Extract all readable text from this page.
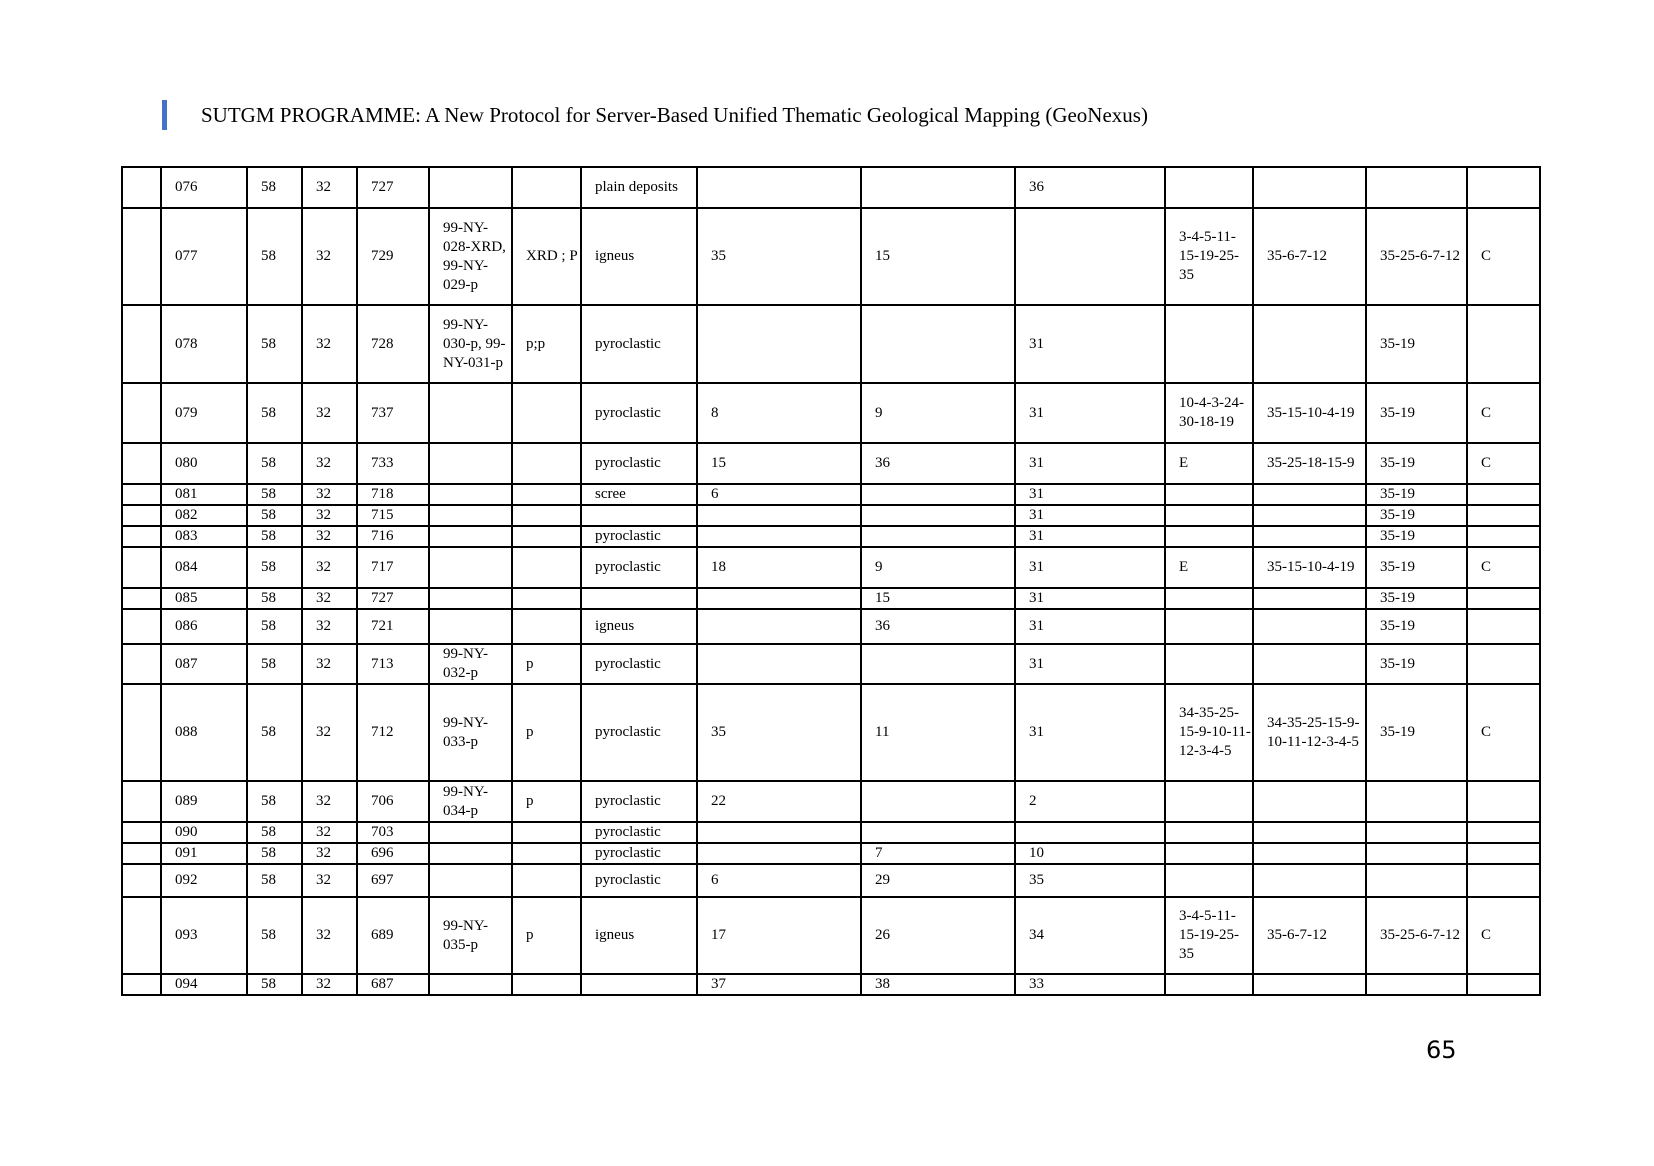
SUTGM PROGRAMME: A New Protocol for Server-Based Unified Thematic Geological Mapping (GeoNexus)
	076	58	32	727			plain deposits			36				
	077	58	32	729	99-NY-028-XRD, 99-NY-029-p	XRD ; P	igneus	35	15		3-4-5-11-15-19-25-35	35-6-7-12	35-25-6-7-12	C
	078	58	32	728	99-NY-030-p, 99-NY-031-p	p;p	pyroclastic			31			35-19	
	079	58	32	737			pyroclastic	8	9	31	10-4-3-24-30-18-19	35-15-10-4-19	35-19	C
	080	58	32	733			pyroclastic	15	36	31	E	35-25-18-15-9	35-19	C
	081	58	32	718			scree	6		31			35-19	
	082	58	32	715						31			35-19	
	083	58	32	716			pyroclastic			31			35-19	
	084	58	32	717			pyroclastic	18	9	31	E	35-15-10-4-19	35-19	C
	085	58	32	727					15	31			35-19	
	086	58	32	721			igneus		36	31			35-19	
	087	58	32	713	99-NY-032-p	p	pyroclastic			31			35-19	
	088	58	32	712	99-NY-033-p	p	pyroclastic	35	11	31	34-35-25-15-9-10-11-12-3-4-5	34-35-25-15-9-10-11-12-3-4-5	35-19	C
	089	58	32	706	99-NY-034-p	p	pyroclastic	22		2				
	090	58	32	703			pyroclastic							
	091	58	32	696			pyroclastic		7	10				
	092	58	32	697			pyroclastic	6	29	35				
	093	58	32	689	99-NY-035-p	p	igneus	17	26	34	3-4-5-11-15-19-25-35	35-6-7-12	35-25-6-7-12	C
	094	58	32	687				37	38	33				
65
